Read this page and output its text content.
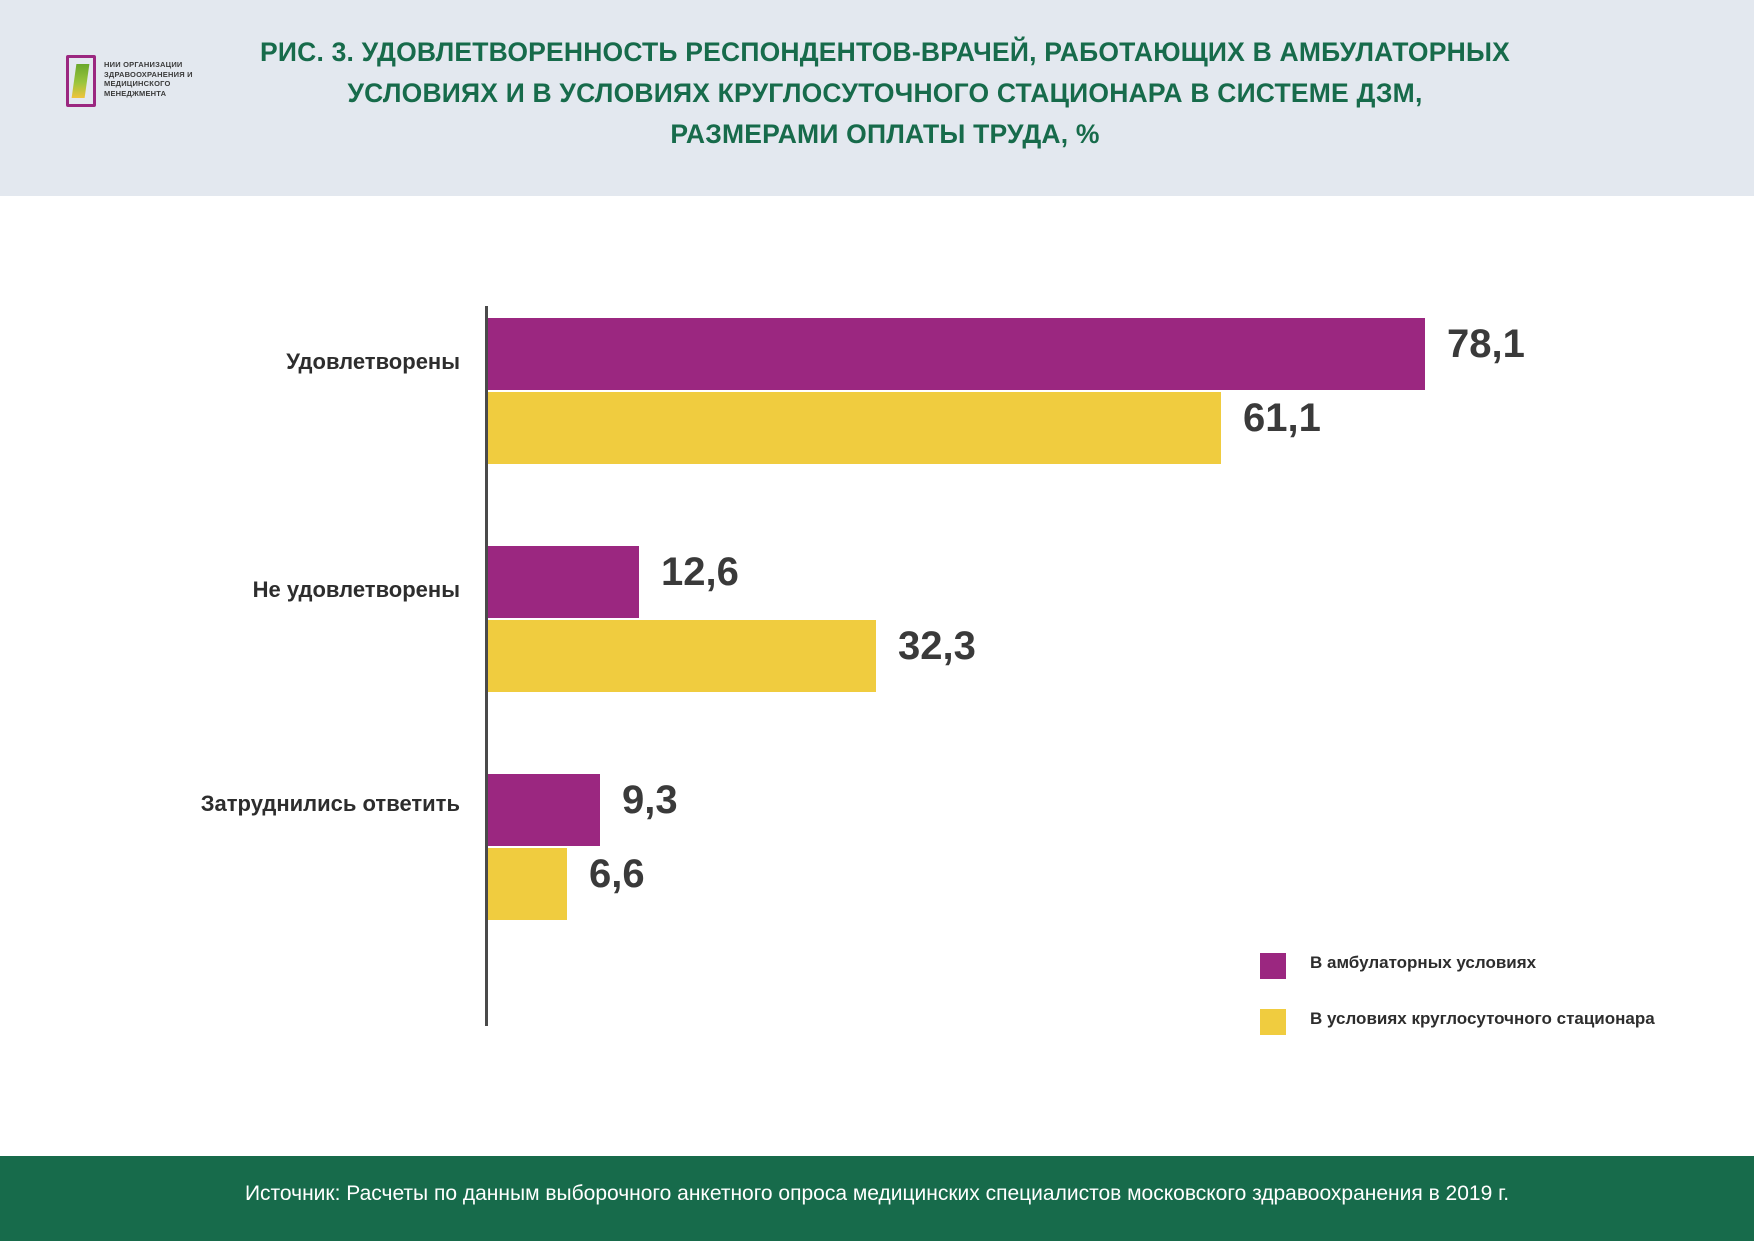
НИИ ОРГАНИЗАЦИИ ЗДРАВООХРАНЕНИЯ И МЕДИЦИНСКОГО МЕНЕДЖМЕНТА
РИС. 3. УДОВЛЕТВОРЕННОСТЬ РЕСПОНДЕНТОВ-ВРАЧЕЙ, РАБОТАЮЩИХ В АМБУЛАТОРНЫХ УСЛОВИЯХ И В УСЛОВИЯХ КРУГЛОСУТОЧНОГО СТАЦИОНАРА В СИСТЕМЕ ДЗМ, РАЗМЕРАМИ ОПЛАТЫ ТРУДА, %
Удовлетворены	78,1
61,1
Не удовлетворены	12,6
32,3
Затруднились ответить	9,3
6,6
В амбулаторных условиях
В условиях круглосуточного стационара
Источник: Расчеты по данным выборочного анкетного опроса медицинских специалистов московского здравоохранения в 2019 г.
